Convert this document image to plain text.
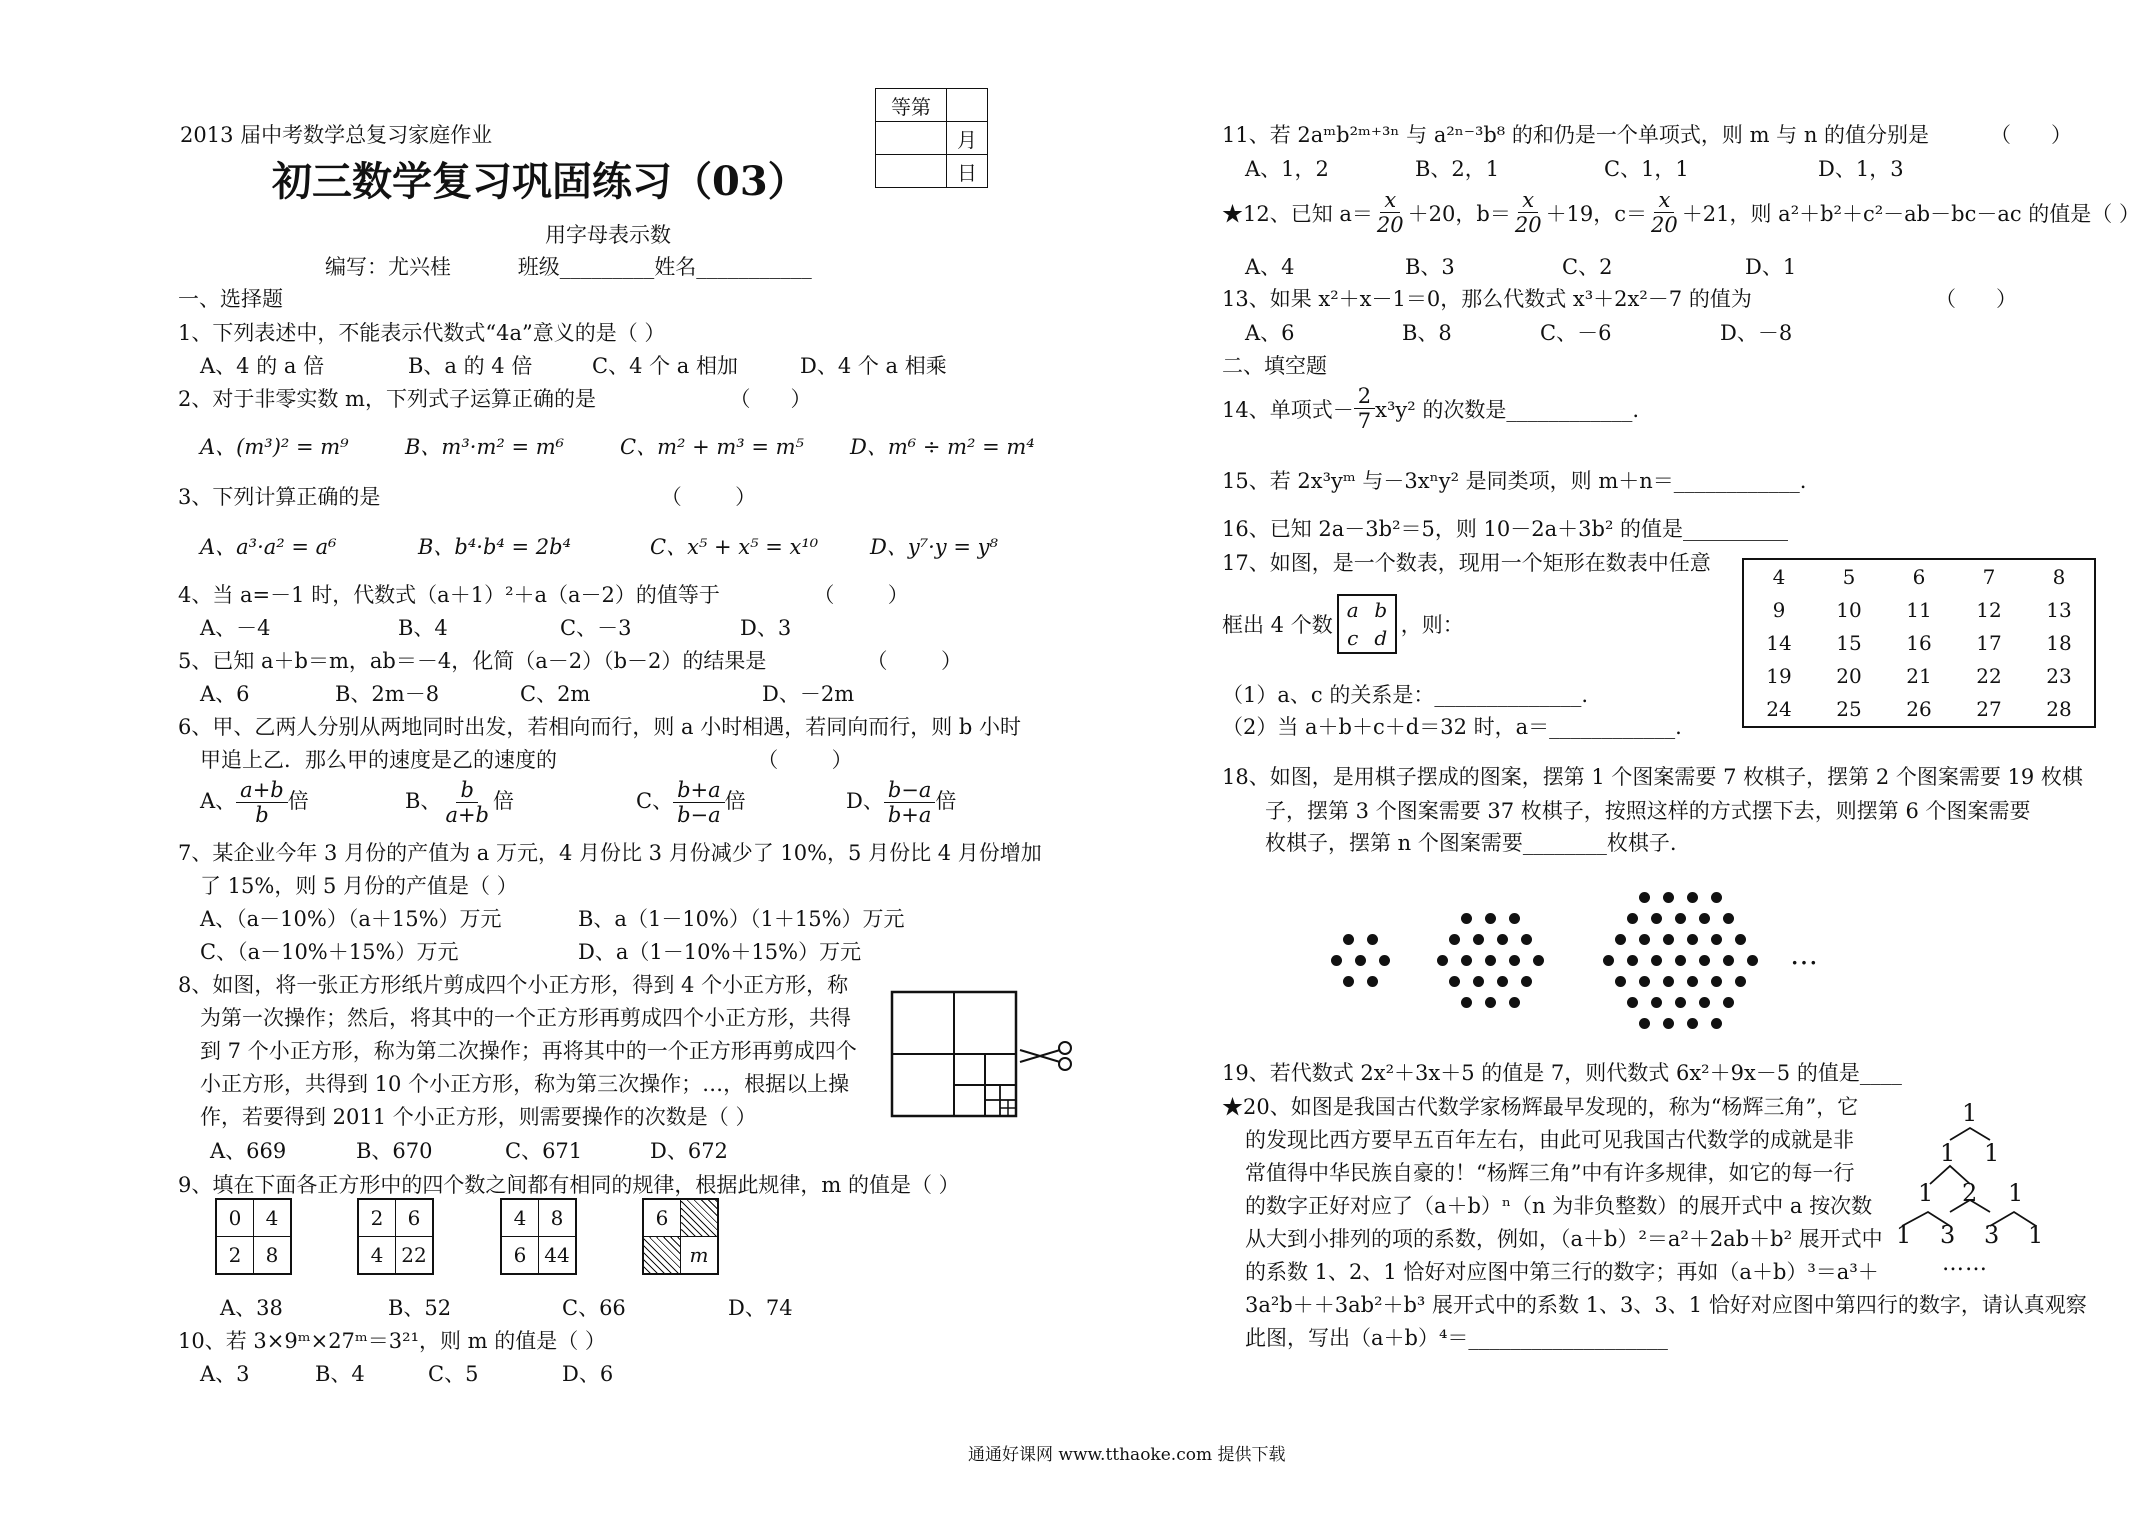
2013 届中考数学总复习家庭作业
初三数学复习巩固练习（03）
用字母表示数
编写：尤兴桂          班级_________姓名___________
等第	
	月
	日
一、选择题
1、下列表述中，不能表示代数式“4a”意义的是（ ）
A、4 的 a 倍	B、a 的 4 倍	C、4 个 a 相加	D、4 个 a 相乘
2、对于非零实数 m，下列式子运算正确的是                    （      ）
A、(m³)² = m⁹	B、m³·m² = m⁶	C、m² + m³ = m⁵ D、m⁶ ÷ m² = m⁴
3、下列计算正确的是                                          （        ）
A、a³·a² = a⁶	B、b⁴·b⁴ = 2b⁴	C、x⁵ + x⁵ = x¹⁰ D、y⁷·y = y⁸
4、当 a=－1 时，代数式（a＋1）²＋a（a－2）的值等于              （        ）
A、－4	B、4	C、－3	D、3
5、已知 a＋b＝m，ab＝－4，化简（a－2）（b－2）的结果是               （        ）
A、6	B、2m－8	C、2m	D、－2m
6、甲、乙两人分别从两地同时出发，若相向而行，则 a 小时相遇，若同向而行，则 b 小时
甲追上乙．那么甲的速度是乙的速度的                              （        ）
A、 $\frac{a+b}{b}$ 倍	B、 $\frac{b}{a+b}$ 倍	C、 $\frac{b+a}{b-a}$ 倍	D、 $\frac{b-a}{b+a}$ 倍
7、某企业今年 3 月份的产值为 a 万元，4 月份比 3 月份减少了 10%，5 月份比 4 月份增加
了 15%，则 5 月份的产值是（ ）
A、（a－10%）（a＋15%）万元	B、a（1－10%）（1＋15%）万元
C、（a－10%＋15%）万元	D、a（1－10%＋15%）万元
8、如图，将一张正方形纸片剪成四个小正方形，得到 4 个小正方形，称
为第一次操作；然后，将其中的一个正方形再剪成四个小正方形，共得
到 7 个小正方形，称为第二次操作；再将其中的一个正方形再剪成四个
小正方形，共得到 10 个小正方形，称为第三次操作；…，根据以上操
作，若要得到 2011 个小正方形，则需要操作的次数是（ ）
A、669	B、670	C、671	D、672
9、填在下面各正方形中的四个数之间都有相同的规律，根据此规律，m 的值是（ ）
0	4
2	8
2	6
4	22
4	8
6	44
6	
	m
A、38	B、52	C、66	D、74
10、若 3×9ᵐ×27ᵐ＝3²¹，则 m 的值是（ ）
A、3	B、4	C、5	D、6
11、若 2aᵐb²ᵐ⁺³ⁿ 与 a²ⁿ⁻³b⁸ 的和仍是一个单项式，则 m 与 n 的值分别是	（      ）
A、1，2	B、2，1	C、1，1	D、1，3
★12、已知 $a= \frac{x}{20} +20$，$b= \frac{x}{20} +19$，$c= \frac{x}{20} +21$，则 a²＋b²＋c²－ab－bc－ac 的值是（ ）
A、4	B、3	C、2	D、1
13、如果 x²＋x－1＝0，那么代数式 x³＋2x²－7 的值为	（      ）
A、6	B、8	C、－6	D、－8
二、填空题
14、单项式－ $\frac{2}{7} x^3y^2$ 的次数是____________.
15、若 2x³yᵐ 与－3xⁿy² 是同类项，则 m＋n＝____________.
16、已知 2a－3b²＝5，则 10－2a＋3b² 的值是__________
17、如图，是一个数表，现用一个矩形在数表中任意
框出 4 个数
a	b
c	d
，则：
（1）a、c 的关系是：______________.
（2）当 a＋b＋c＋d＝32 时，a＝____________.
4	5	6	7	8
9	10	11	12	13
14	15	16	17	18
19	20	21	22	23
24	25	26	27	28
18、如图，是用棋子摆成的图案，摆第 1 个图案需要 7 枚棋子，摆第 2 个图案需要 19 枚棋
子，摆第 3 个图案需要 37 枚棋子，按照这样的方式摆下去，则摆第 6 个图案需要
枚棋子，摆第 n 个图案需要________枚棋子.
…
19、若代数式 2x²＋3x＋5 的值是 7，则代数式 6x²＋9x－5 的值是____
★20、如图是我国古代数学家杨辉最早发现的，称为“杨辉三角”，它
的发现比西方要早五百年左右，由此可见我国古代数学的成就是非
常值得中华民族自豪的！“杨辉三角”中有许多规律，如它的每一行
的数字正好对应了（a＋b）ⁿ（n 为非负整数）的展开式中 a 按次数
从大到小排列的项的系数，例如，（a＋b）²＝a²＋2ab＋b² 展开式中
的系数 1、2、1 恰好对应图中第三行的数字；再如（a＋b）³＝a³＋
3a²b＋＋3ab²＋b³ 展开式中的系数 1、3、3、1 恰好对应图中第四行的数字，请认真观察
此图，写出（a＋b）⁴＝___________________
1
1 1
1 2 1
1 3 3 1
……
通通好课网 www.tthaoke.com 提供下载
